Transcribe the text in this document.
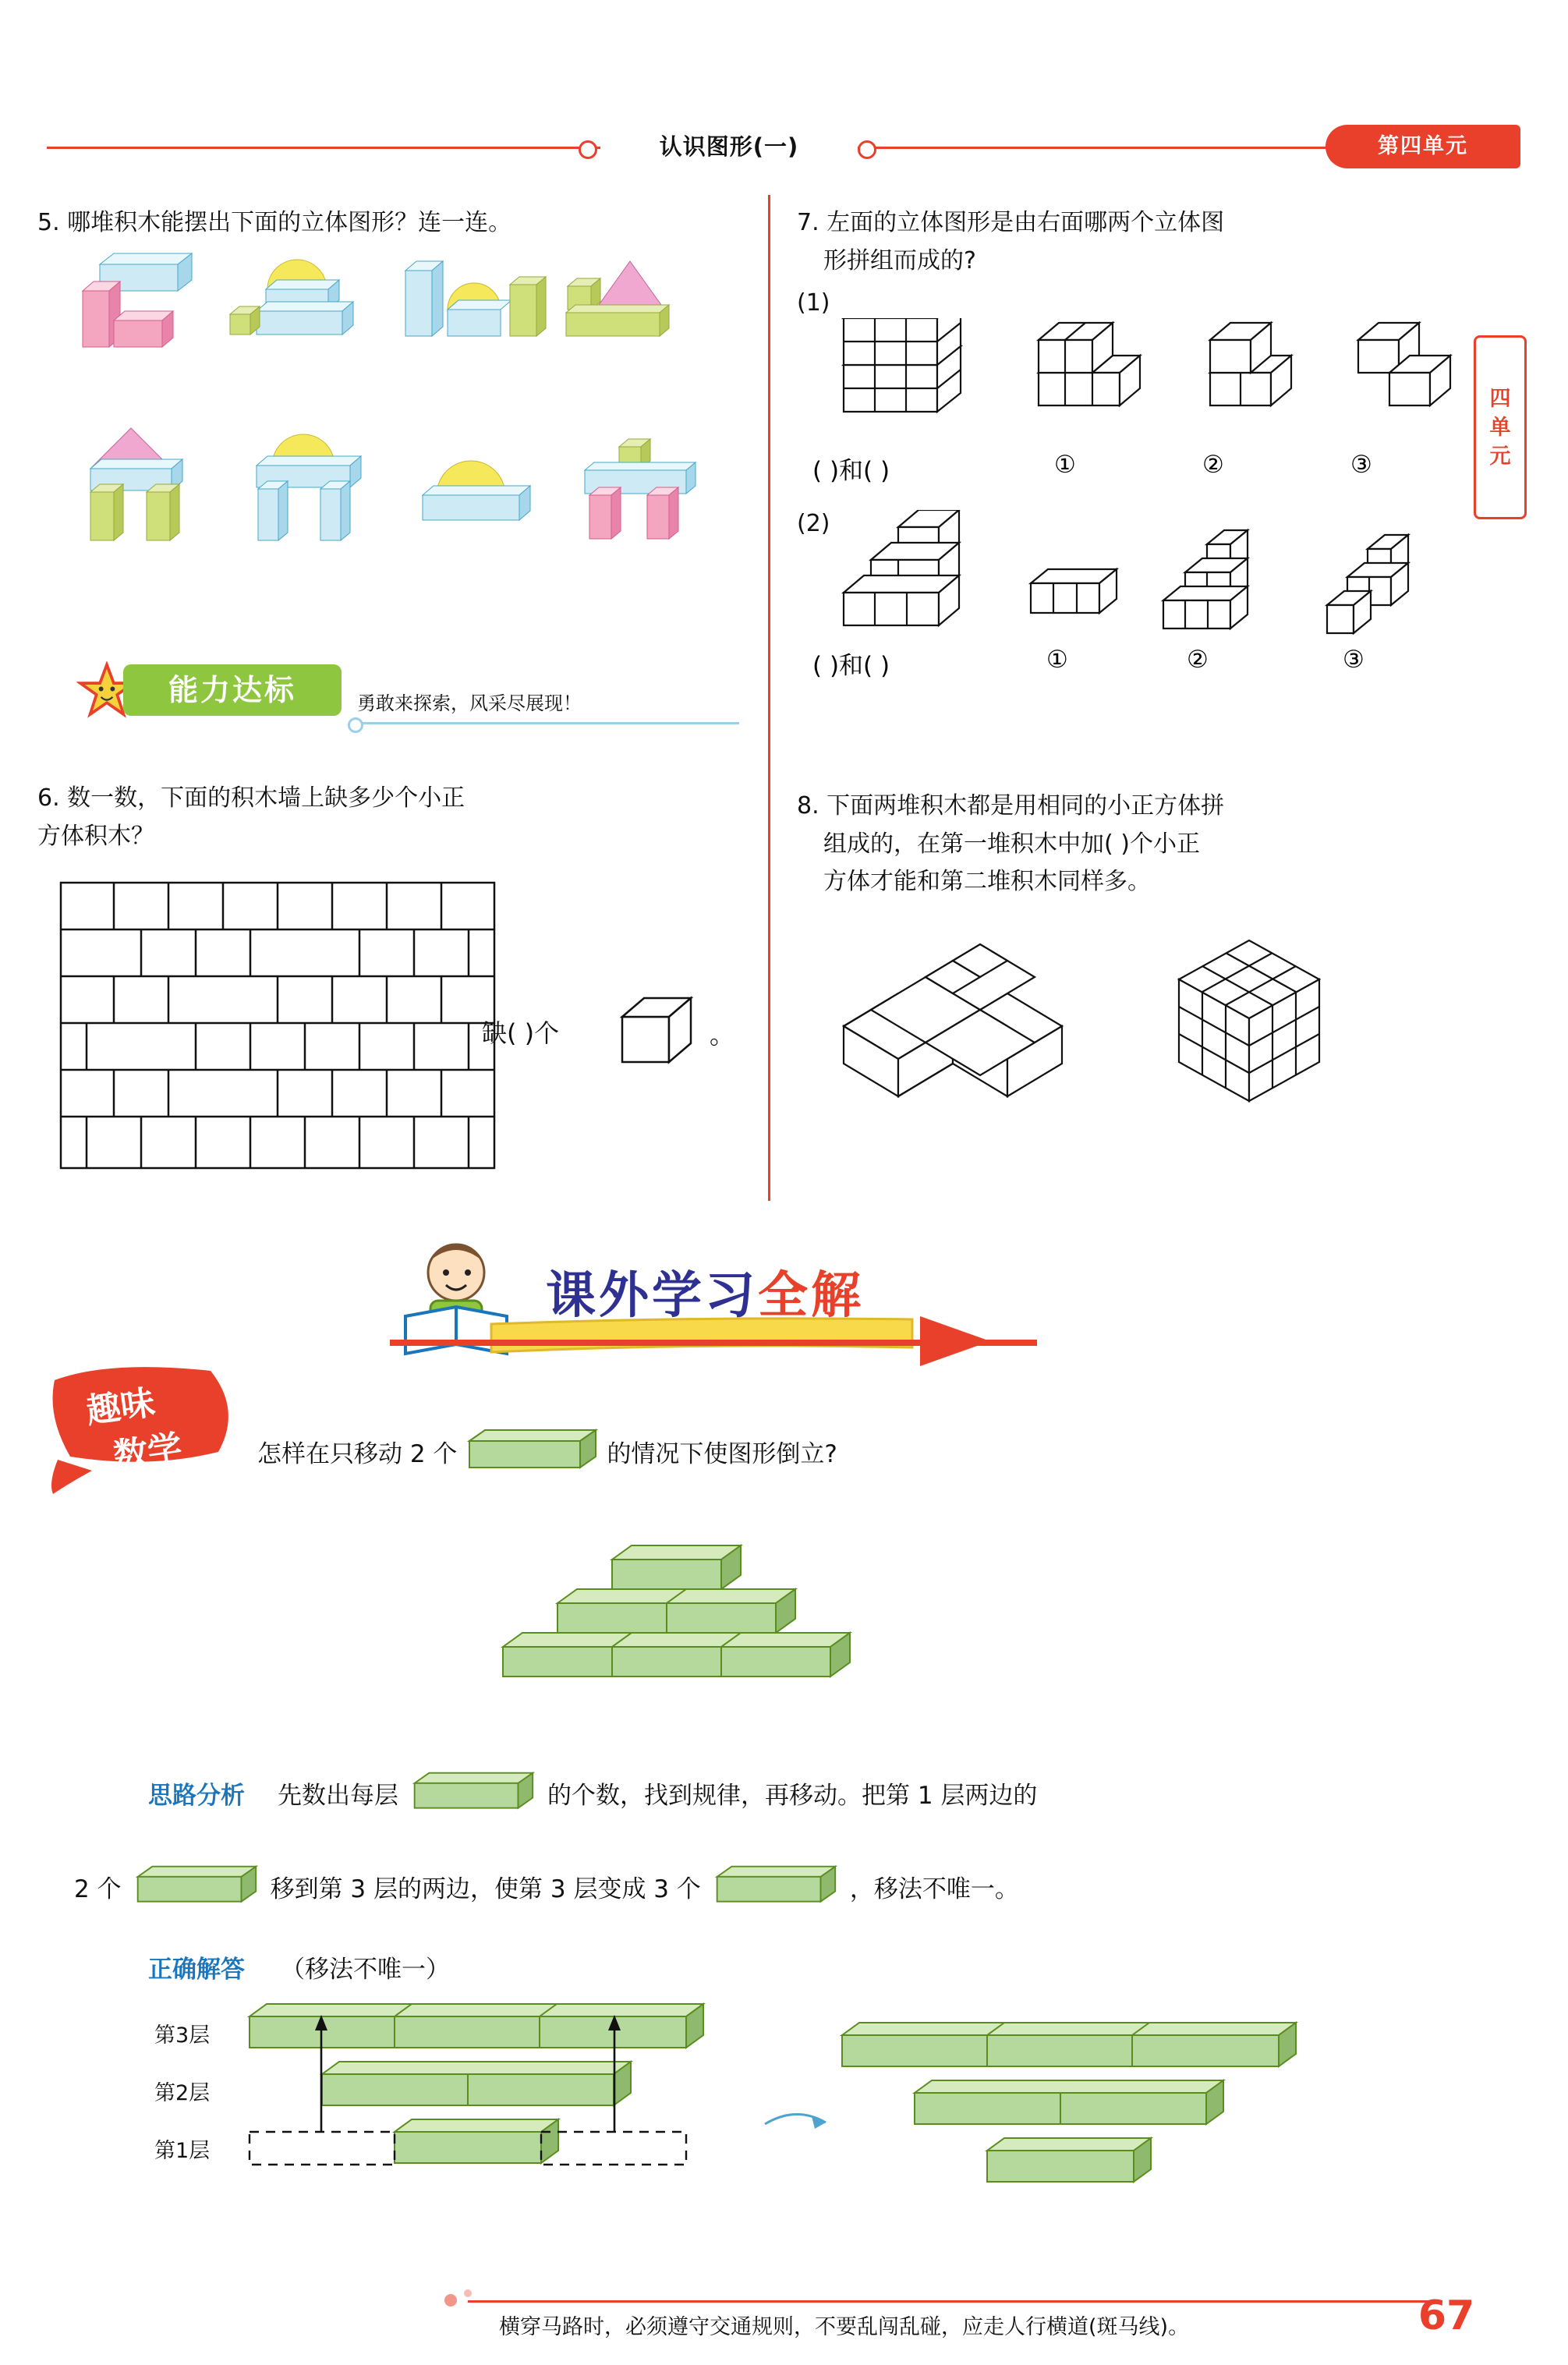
认识图形(一)	第四单元
四
单
元
5. 哪堆积木能摆出下面的立体图形？连一连。
能力达标	勇敢来探索，风采尽展现！
6. 数一数，下面的积木墙上缺多少个小正
方体积木？
缺( )个	。
7. 左面的立体图形是由右面哪两个立体图
形拼组而成的?
(1)
( )和( )	①	②	③
(2)
( )和( )	①	②	③
8. 下面两堆积木都是用相同的小正方体拼
组成的，在第一堆积木中加( )个小正
方体才能和第二堆积木同样多。
课外学习全解
趣味
数学	怎样在只移动 2 个	的情况下使图形倒立?
思路分析 先数出每层	的个数，找到规律，再移动。把第 1 层两边的
2 个	移到第 3 层的两边，使第 3 层变成 3 个	，移法不唯一。
正确解答 （移法不唯一）
第3层
第2层
第1层
横穿马路时，必须遵守交通规则，不要乱闯乱碰，应走人行横道(斑马线)。	67
